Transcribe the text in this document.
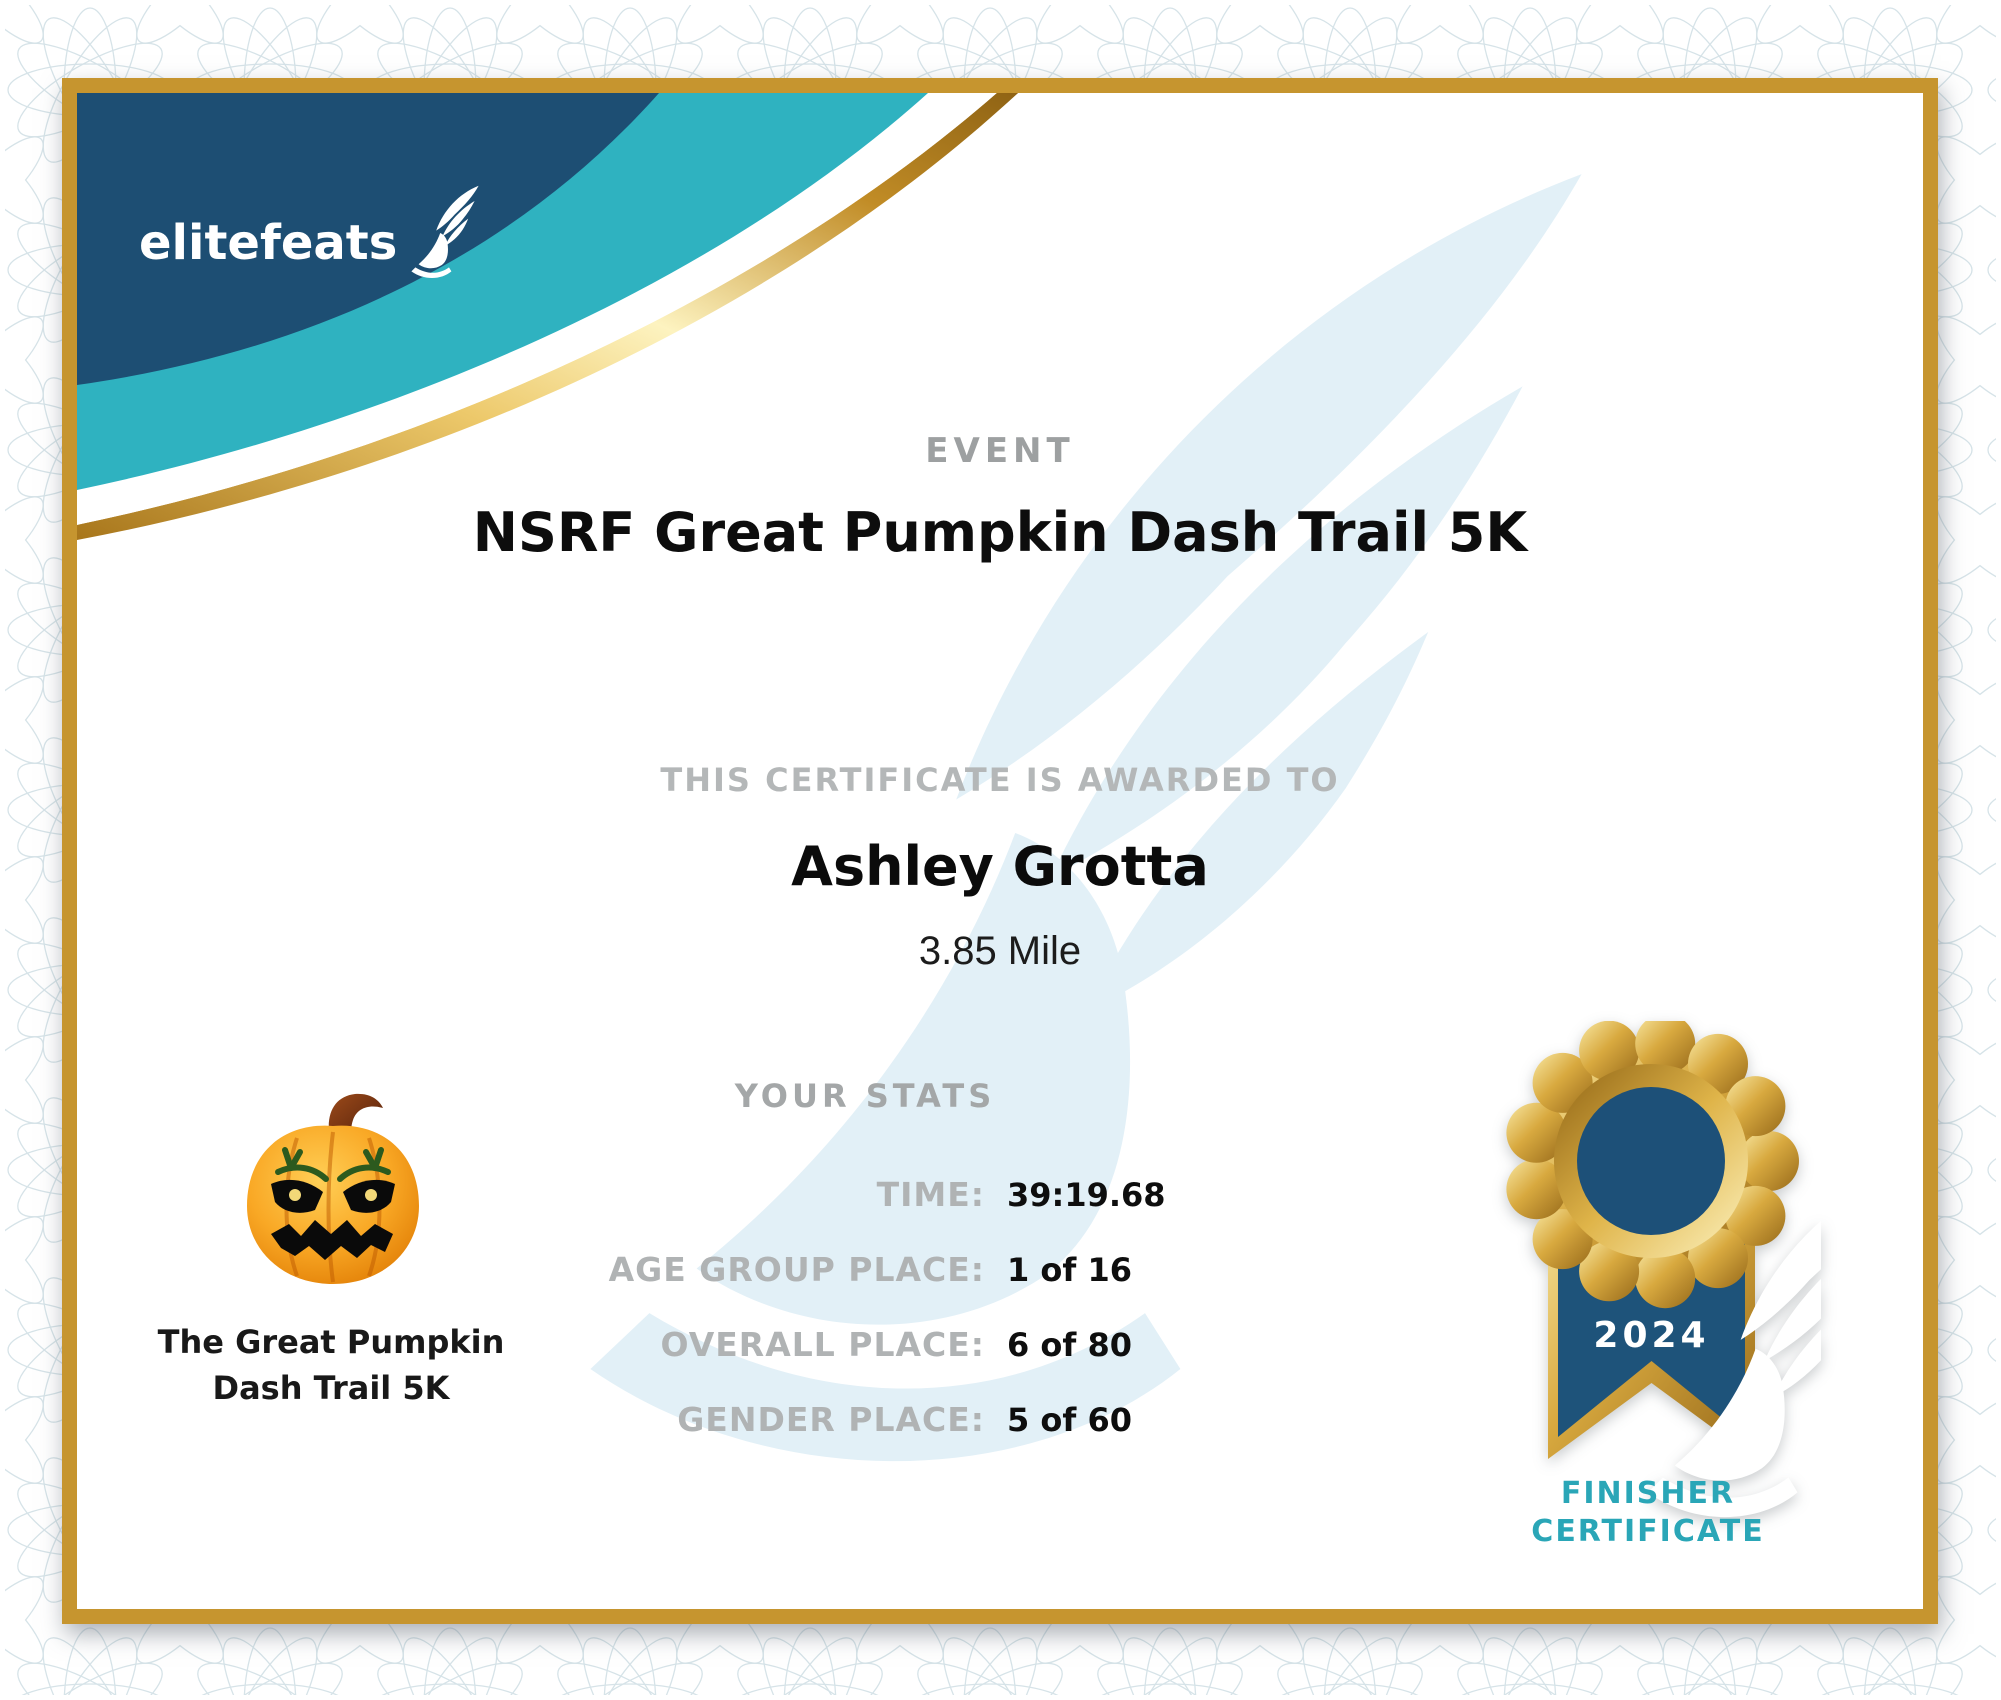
elitefeats
EVENT
NSRF Great Pumpkin Dash Trail 5K
THIS CERTIFICATE IS AWARDED TO
Ashley Grotta
3.85 Mile
YOUR STATS
TIME: 39:19.68
AGE GROUP PLACE: 1 of 16
OVERALL PLACE: 6 of 80
GENDER PLACE: 5 of 60
The Great Pumpkin
Dash Trail 5K
2024
FINISHER
CERTIFICATE
